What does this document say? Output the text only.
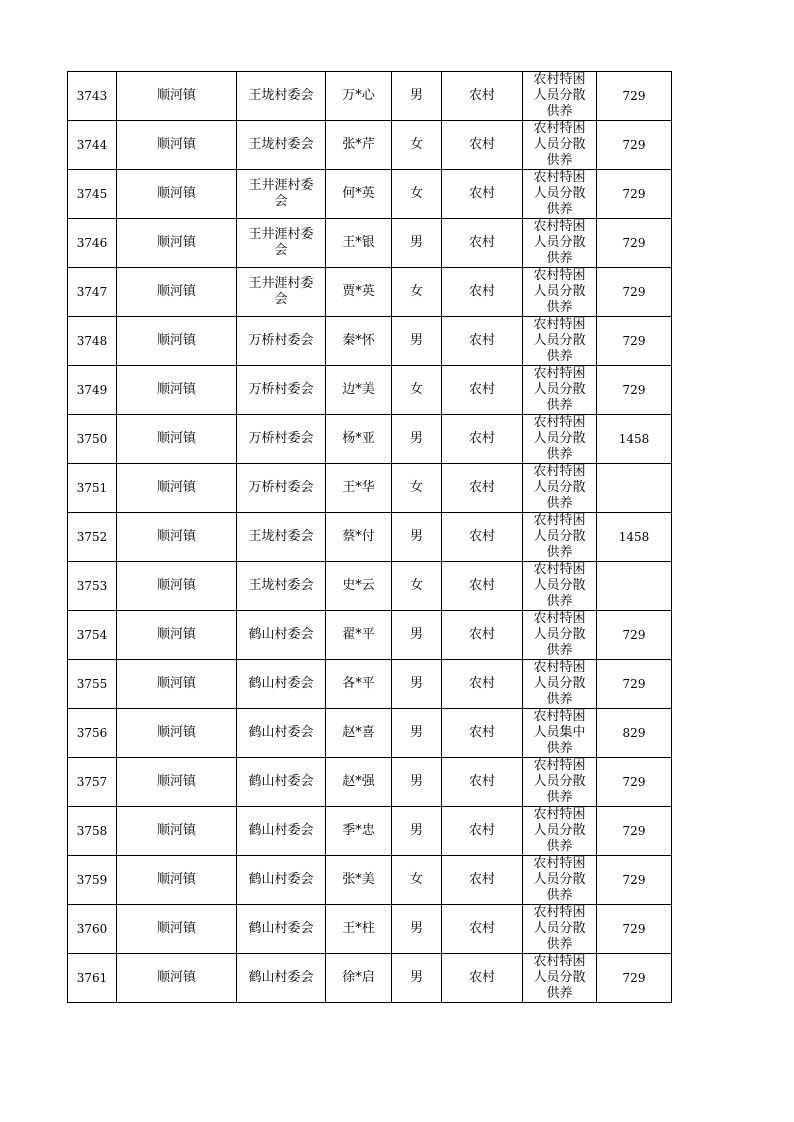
3743	顺河镇	王垅村委会	万*心	男	农村	农村特困人员分散供养	729
3744	顺河镇	王垅村委会	张*芹	女	农村	农村特困人员分散供养	729
3745	顺河镇	王井涯村委会	何*英	女	农村	农村特困人员分散供养	729
3746	顺河镇	王井涯村委会	王*银	男	农村	农村特困人员分散供养	729
3747	顺河镇	王井涯村委会	贾*英	女	农村	农村特困人员分散供养	729
3748	顺河镇	万桥村委会	秦*怀	男	农村	农村特困人员分散供养	729
3749	顺河镇	万桥村委会	边*美	女	农村	农村特困人员分散供养	729
3750	顺河镇	万桥村委会	杨*亚	男	农村	农村特困人员分散供养	1458
3751	顺河镇	万桥村委会	王*华	女	农村	农村特困人员分散供养	

3752	顺河镇	王垅村委会	蔡*付	男	农村	农村特困人员分散供养	1458
3753	顺河镇	王垅村委会	史*云	女	农村	农村特困人员分散供养	

3754	顺河镇	鹤山村委会	翟*平	男	农村	农村特困人员分散供养	729
3755	顺河镇	鹤山村委会	各*平	男	农村	农村特困人员分散供养	729
3756	顺河镇	鹤山村委会	赵*喜	男	农村	农村特困人员集中供养	829
3757	顺河镇	鹤山村委会	赵*强	男	农村	农村特困人员分散供养	729
3758	顺河镇	鹤山村委会	季*忠	男	农村	农村特困人员分散供养	729
3759	顺河镇	鹤山村委会	张*美	女	农村	农村特困人员分散供养	729
3760	顺河镇	鹤山村委会	王*柱	男	农村	农村特困人员分散供养	729
3761	顺河镇	鹤山村委会	徐*启	男	农村	农村特困人员分散供养	729
